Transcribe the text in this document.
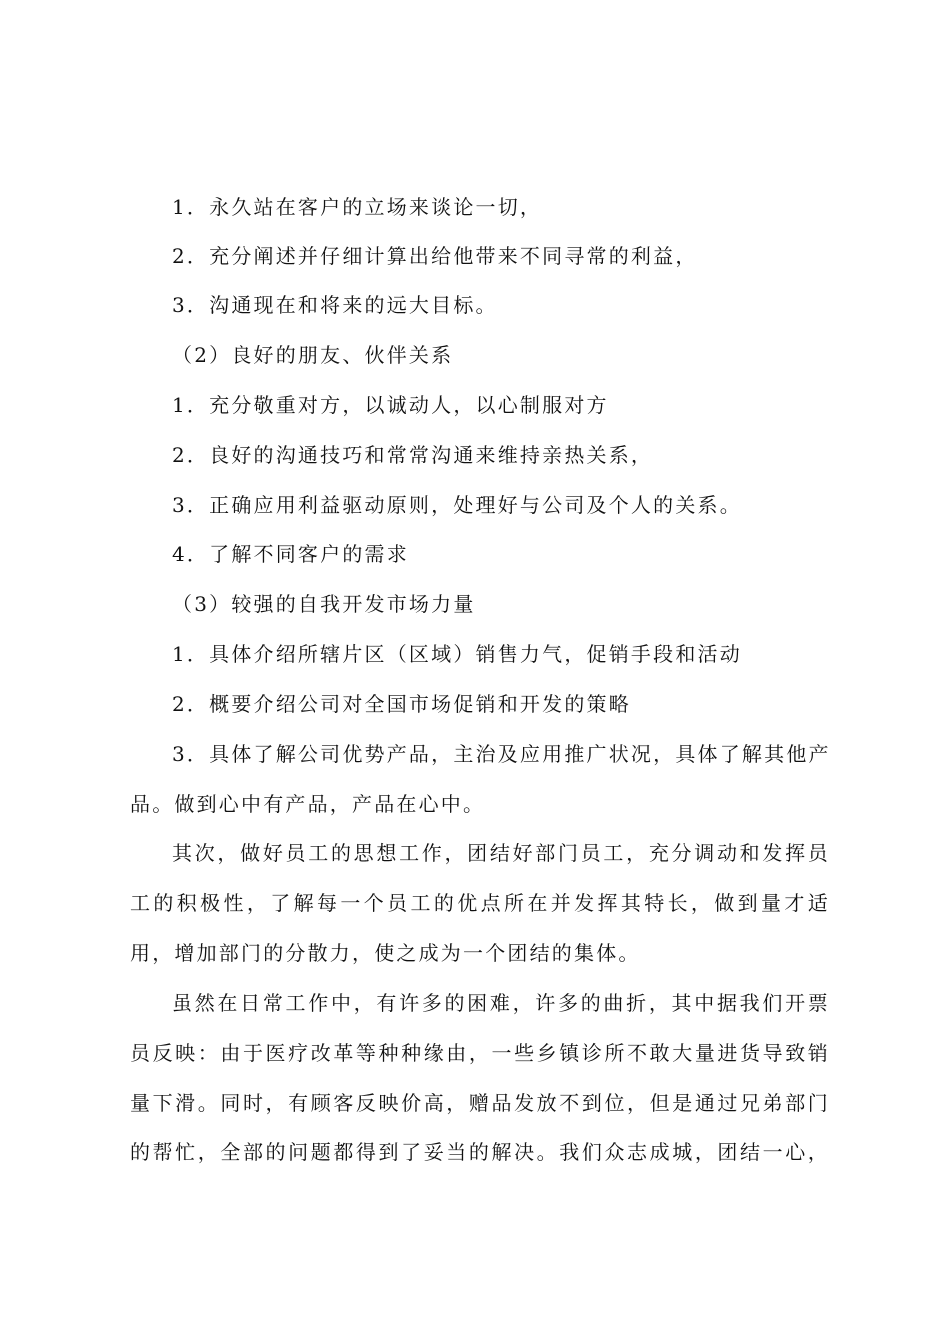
1．永久站在客户的立场来谈论一切，
2．充分阐述并仔细计算出给他带来不同寻常的利益，
3．沟通现在和将来的远大目标。
（2）良好的朋友、伙伴关系
1．充分敬重对方，以诚动人，以心制服对方
2．良好的沟通技巧和常常沟通来维持亲热关系，
3．正确应用利益驱动原则，处理好与公司及个人的关系。
4．了解不同客户的需求
（3）较强的自我开发市场力量
1．具体介绍所辖片区（区域）销售力气，促销手段和活动
2．概要介绍公司对全国市场促销和开发的策略
3．具体了解公司优势产品，主治及应用推广状况，具体了解其他产
品。做到心中有产品，产品在心中。
其次，做好员工的思想工作，团结好部门员工，充分调动和发挥员
工的积极性，了解每一个员工的优点所在并发挥其特长，做到量才适
用，增加部门的分散力，使之成为一个团结的集体。
虽然在日常工作中，有许多的困难，许多的曲折，其中据我们开票
员反映：由于医疗改革等种种缘由，一些乡镇诊所不敢大量进货导致销
量下滑。同时，有顾客反映价高，赠品发放不到位，但是通过兄弟部门
的帮忙，全部的问题都得到了妥当的解决。我们众志成城，团结一心，
